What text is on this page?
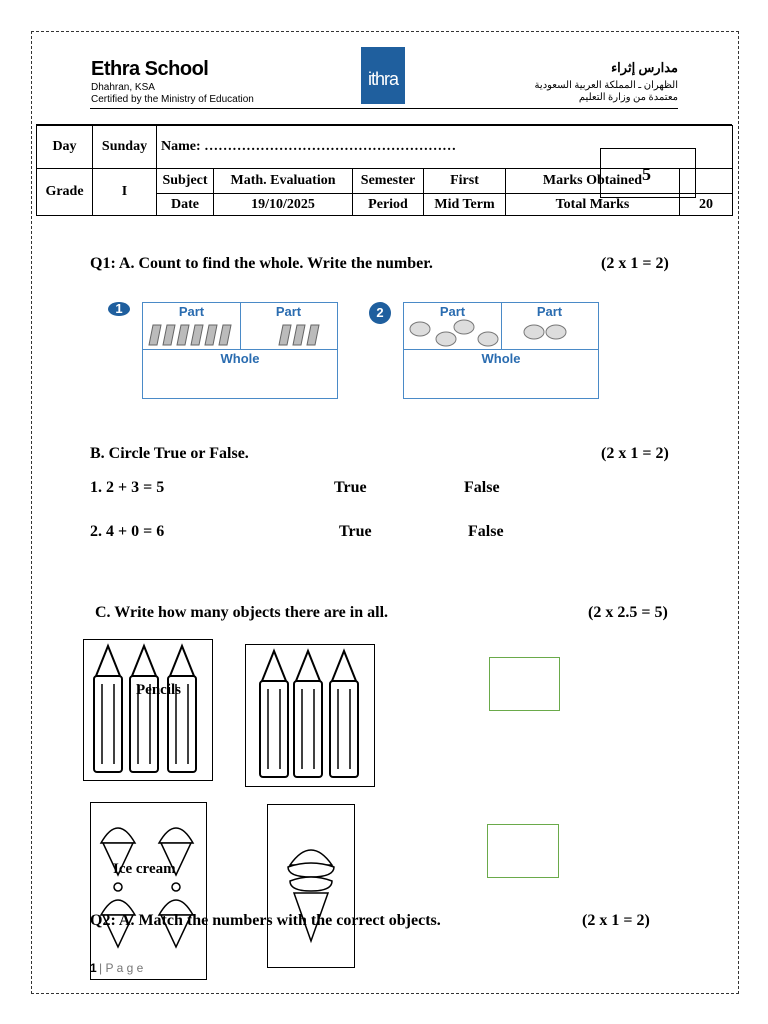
Ethra School
Dhahran, KSA
Certified by the Ministry of Education
ithra
مدارس إثراء
الظهران ـ المملكة العربية السعودية
معتمدة من وزارة التعليم
Day	Sunday	Name: ………………………………………………					
Grade	I	Subject	Math. Evaluation	Semester	First	Marks Obtained	
		Date	19/10/2025	Period	Mid Term	Total Marks	20
5
Q1: A. Count to find the whole. Write the number.	(2 x 1 = 2)
1	Part	Part
Whole
2	Part	Part
Whole
B. Circle True or False.	(2 x 1 = 2)
1. 2 + 3 = 5	True	False
2. 4 + 0 = 6	True	False
C. Write how many objects there are in all.	(2 x 2.5 = 5)
Pencils
Ice cream
Q2: A. Match the numbers with the correct objects.	(2 x 1 = 2)
1 | P a g e
